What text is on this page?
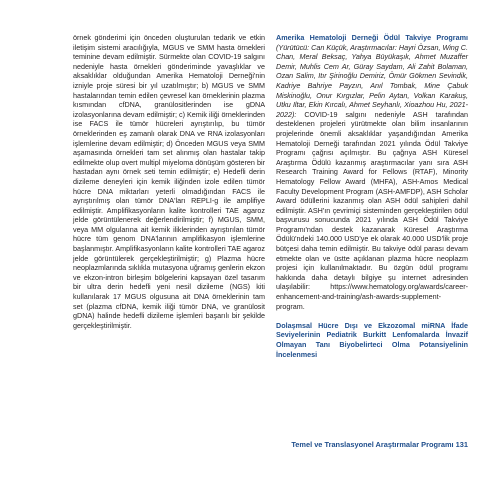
örnek gönderimi için önceden oluşturulan tedarik ve etkin iletişim sistemi aracılığıyla, MGUS ve SMM hasta örnekleri teminine devam edilmiştir. Sürmekte olan COVID-19 salgını nedeniyle hasta örnekleri gönderiminde yavaşlıklar ve aksaklıklar olduğundan Amerika Hematoloji Derneği'nin izniyle proje süresi bir yıl uzatılmıştır; b) MGUS ve SMM hastalarından temin edilen çevresel kan örneklerinin plazma kısmından cfDNA, granülositlerinden ise gDNA izolasyonlarına devam edilmiştir; c) Kemik iliği örneklerinden ise FACS ile tümör hücreleri ayrıştırılıp, bu tümör örneklerinden eş zamanlı olarak DNA ve RNA izolasyonları işlemlerine devam edilmiştir; d) Önceden MGUS veya SMM aşamasında örnekleri tam set alınmış olan hastalar takip edilmekte olup overt multipl miyeloma dönüşüm gösteren bir hastadan aynı örnek seti temin edilmiştir; e) Hedefli derin dizileme deneyleri için kemik iliğinden izole edilen tümör hücre DNA miktarları yeterli olmadığından FACS ile ayrıştırılmış olan tümör DNA'ları REPLI-g ile amplifiye edilmiştir. Amplifikasyonların kalite kontrolleri TAE agaroz jelde görüntülenerek değerlendirilmiştir; f) MGUS, SMM, veya MM olgularına ait kemik iliklerinden ayrıştırılan tümör hücre tüm genom DNA'larının amplifikasyon işlemlerine başlanmıştır. Amplifikasyonların kalite kontrolleri TAE agaroz jelde görüntülerek gerçekleştirilmiştir; g) Plazma hücre neoplazmlarında sıklıkla mutasyona uğramış genlerin ekzon ve ekzon-intron birleşim bölgelerini kapsayan özel tasarım bir ultra derin hedefli yeni nesil dizileme (NGS) kiti kullanılarak 17 MGUS olgusuna ait DNA örneklerinin tam set (plazma cfDNA, kemik iliği tümör DNA, ve granülosit gDNA) halinde hedefli dizileme işlemleri başarılı bir şekilde gerçekleştirilmiştir.

Amerika Hematoloji Derneği Ödül Takviye Programı (Yürütücü: Can Küçük, Araştırmacılar: Hayri Özsan, Wing C. Chan, Meral Beksaç, Yahya Büyükaşık, Ahmet Muzaffer Demir, Muhlis Cem Ar, Güray Saydam, Ali Zahit Bolaman, Ozan Salim, Itır Şirinoğlu Demiriz, Ömür Gökmen Sevindik, Kadriye Bahriye Payzın, Anıl Tombak, Mine Çabuk Miskinoğlu, Onur Kırgızlar, Pelin Aytan, Volkan Karakuş, Utku Iltar, Ekin Kırcalı, Ahmet Seyhanlı, Xioazhou Hu, 2021-2022): COVID-19 salgını nedeniyle ASH tarafından desteklenen projeleri yürütmekte olan bilim insanlarının projelerinde önemli aksaklıklar yaşandığından Amerika Hematoloji Derneği tarafından 2021 yılında Ödül Takviye Programı çağrısı açılmıştır. Bu çağrıya ASH Küresel Araştırma Ödülü kazanmış araştırmacılar yanı sıra ASH Research Training Award for Fellows (RTAF), Minority Hematology Fellow Award (MHFA), ASH-Amos Medical Faculty Development Program (ASH-AMFDP), ASH Scholar Award ödüllerini kazanmış olan ASH ödül sahipleri dahil edilmiştir. ASH'ın çevrimiçi sisteminden gerçekleştirilen ödül başvurusu sonucunda 2021 yılında ASH Ödül Takviye Programı'ndan destek kazanarak Küresel Araştırma Ödülü'ndeki 140.000 USD'ye ek olarak 40.000 USD'lik proje bütçesi daha temin edilmiştir. Bu takviye ödül parası devam etmekte olan ve üstte açıklanan plazma hücre neoplazm projesi için kullanılmaktadır. Bu özgün ödül programı hakkında daha detaylı bilgiye şu internet adresinden ulaşılabilir: https://www.hematology.org/awards/career-enhancement-and-training/ash-awards-supplement-program.

Dolaşmsal Hücre Dışı ve Ekzozomal miRNA İfade Seviyelerinin Pediatrik Burkitt Lenfomalarda İnvazif Olmayan Tanı Biyobelirteci Olma Potansiyelinin İncelenmesi

Temel ve Translasyonel Araştırmalar Programı 131
